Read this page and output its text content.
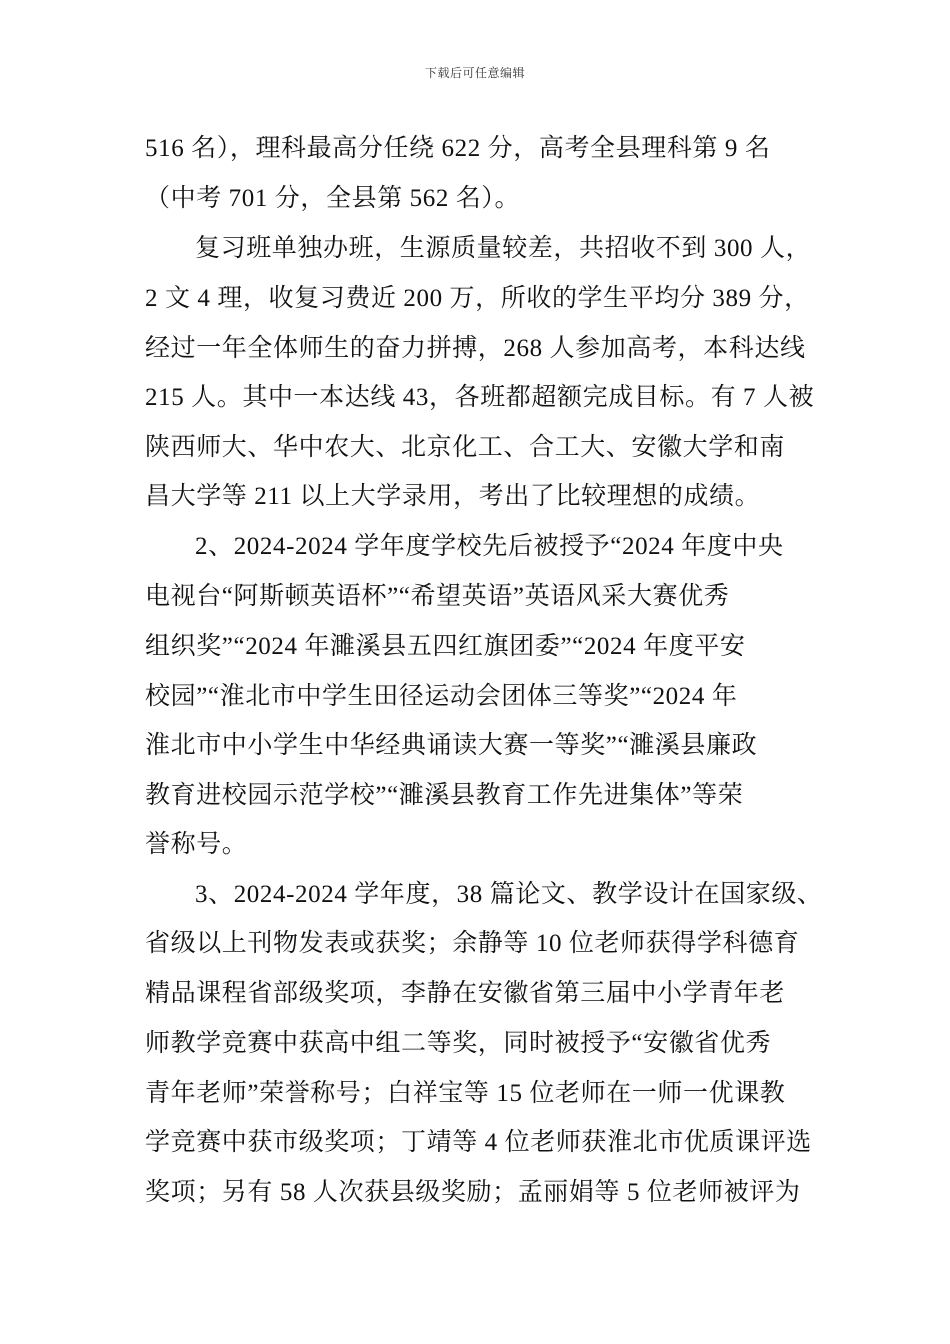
下载后可任意编辑
516 名），理科最高分任绕 622 分，高考全县理科第 9 名
（中考 701 分，全县第 562 名）。
复习班单独办班，生源质量较差，共招收不到 300 人，
2 文 4 理，收复习费近 200 万，所收的学生平均分 389 分，
经过一年全体师生的奋力拼搏，268 人参加高考，本科达线
215 人。其中一本达线 43，各班都超额完成目标。有 7 人被
陕西师大、华中农大、北京化工、合工大、安徽大学和南
昌大学等 211 以上大学录用，考出了比较理想的成绩。
2、2024-2024 学年度学校先后被授予“2024 年度中央
电视台“阿斯顿英语杯”“希望英语”英语风采大赛优秀
组织奖”“2024 年濉溪县五四红旗团委”“2024 年度平安
校园”“淮北市中学生田径运动会团体三等奖”“2024 年
淮北市中小学生中华经典诵读大赛一等奖”“濉溪县廉政
教育进校园示范学校”“濉溪县教育工作先进集体”等荣
誉称号。
3、2024-2024 学年度，38 篇论文、教学设计在国家级、
省级以上刊物发表或获奖；余静等 10 位老师获得学科德育
精品课程省部级奖项，李静在安徽省第三届中小学青年老
师教学竞赛中获高中组二等奖，同时被授予“安徽省优秀
青年老师”荣誉称号；白祥宝等 15 位老师在一师一优课教
学竞赛中获市级奖项；丁靖等 4 位老师获淮北市优质课评选
奖项；另有 58 人次获县级奖励；孟丽娟等 5 位老师被评为
